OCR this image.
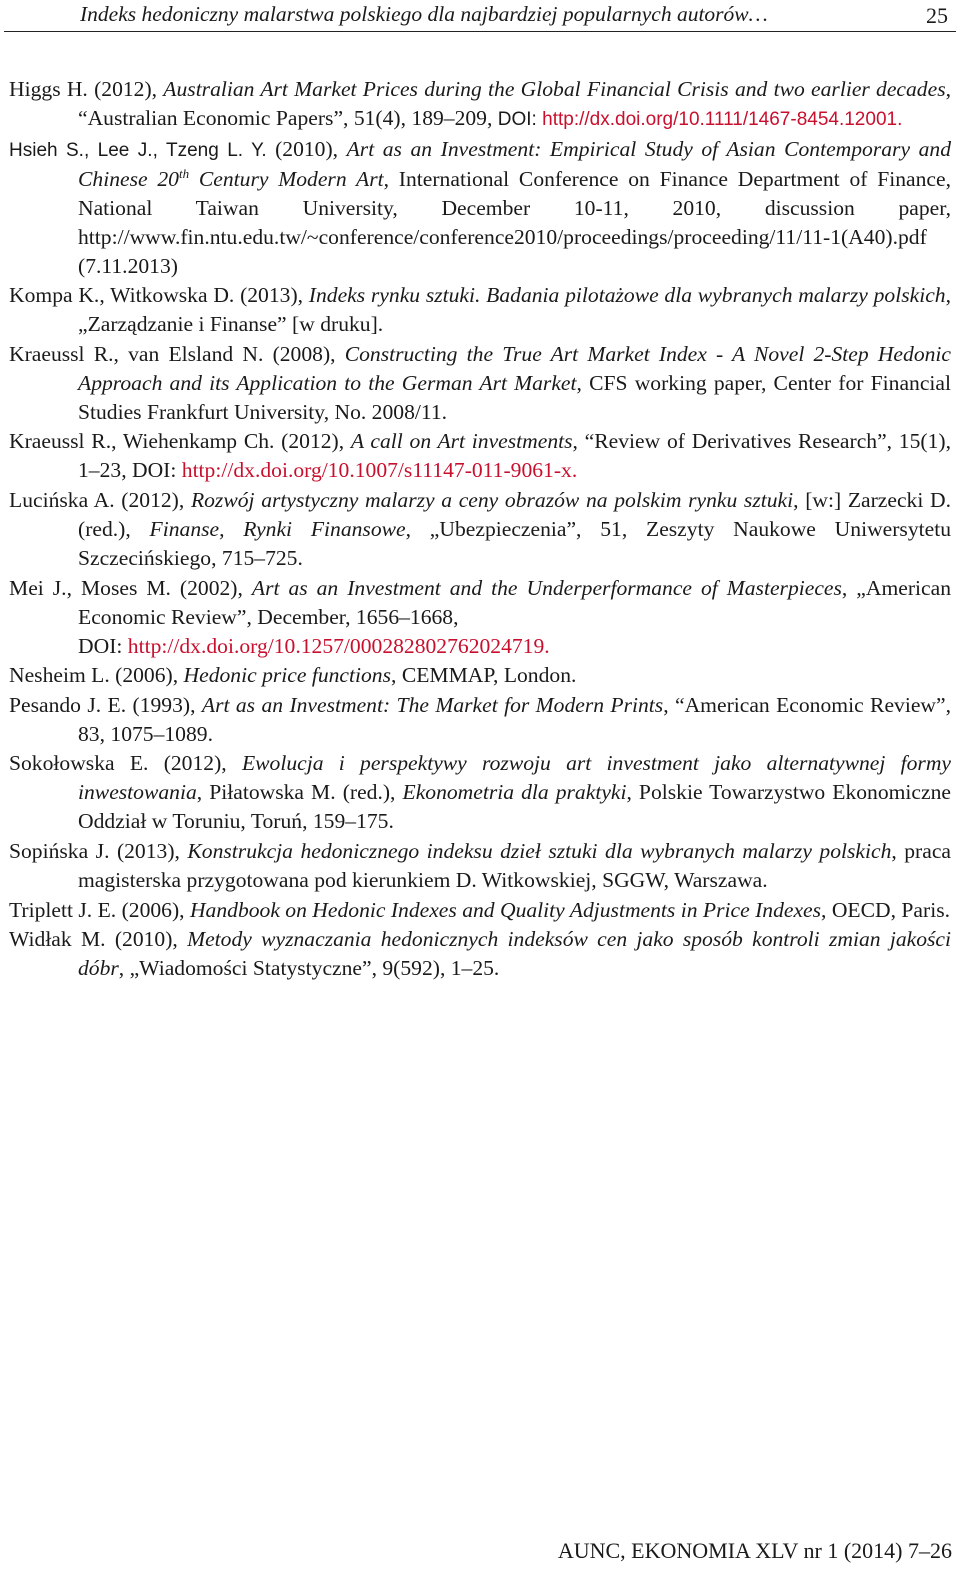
Indeks hedoniczny malarstwa polskiego dla najbardziej popularnych autorów…	25
Higgs H. (2012), Australian Art Market Prices during the Global Financial Crisis and two earlier decades, “Australian Economic Papers”, 51(4), 189–209, DOI: http://dx.doi.org/10.1111/1467-8454.12001.
Hsieh S., Lee J., Tzeng L. Y. (2010), Art as an Investment: Empirical Study of Asian Contemporary and Chinese 20th Century Modern Art, International Conference on Finance Department of Finance, National Taiwan University, December 10-11, 2010, discussion paper, http://www.fin.ntu.edu.tw/~conference/conference2010/proceedings/proceeding/11/11-1(A40).pdf (7.11.2013)
Kompa K., Witkowska D. (2013), Indeks rynku sztuki. Badania pilotażowe dla wybranych malarzy polskich, „Zarządzanie i Finanse” [w druku].
Kraeussl R., van Elsland N. (2008), Constructing the True Art Market Index ‑ A Novel 2-Step Hedonic Approach and its Application to the German Art Market, CFS working paper, Center for Financial Studies Frankfurt University, No. 2008/11.
Kraeussl R., Wiehenkamp Ch. (2012), A call on Art investments, “Review of Derivatives Research”, 15(1), 1–23, DOI: http://dx.doi.org/10.1007/s11147-011-9061-x.
Lucińska A. (2012), Rozwój artystyczny malarzy a ceny obrazów na polskim rynku sztuki, [w:] Zarzecki D. (red.), Finanse, Rynki Finansowe, „Ubezpieczenia”, 51, Zeszyty Naukowe Uniwersytetu Szczecińskiego, 715–725.
Mei J., Moses M. (2002), Art as an Investment and the Underperformance of Masterpieces, „American Economic Review”, December, 1656–1668,
DOI: http://dx.doi.org/10.1257/000282802762024719.
Nesheim L. (2006), Hedonic price functions, CEMMAP, London.
Pesando J. E. (1993), Art as an Investment: The Market for Modern Prints, “American Economic Review”, 83, 1075–1089.
Sokołowska E. (2012), Ewolucja i perspektywy rozwoju art investment jako alternatywnej formy inwestowania, Piłatowska M. (red.), Ekonometria dla praktyki, Polskie Towarzystwo Ekonomiczne Oddział w Toruniu, Toruń, 159–175.
Sopińska J. (2013), Konstrukcja hedonicznego indeksu dzieł sztuki dla wybranych malarzy polskich, praca magisterska przygotowana pod kierunkiem D. Witkowskiej, SGGW, Warszawa.
Triplett J. E. (2006), Handbook on Hedonic Indexes and Quality Adjustments in Price Indexes, OECD, Paris.
Widłak M. (2010), Metody wyznaczania hedonicznych indeksów cen jako sposób kontroli zmian jakości dóbr, „Wiadomości Statystyczne”, 9(592), 1–25.
AUNC, EKONOMIA XLV nr 1 (2014) 7–26
